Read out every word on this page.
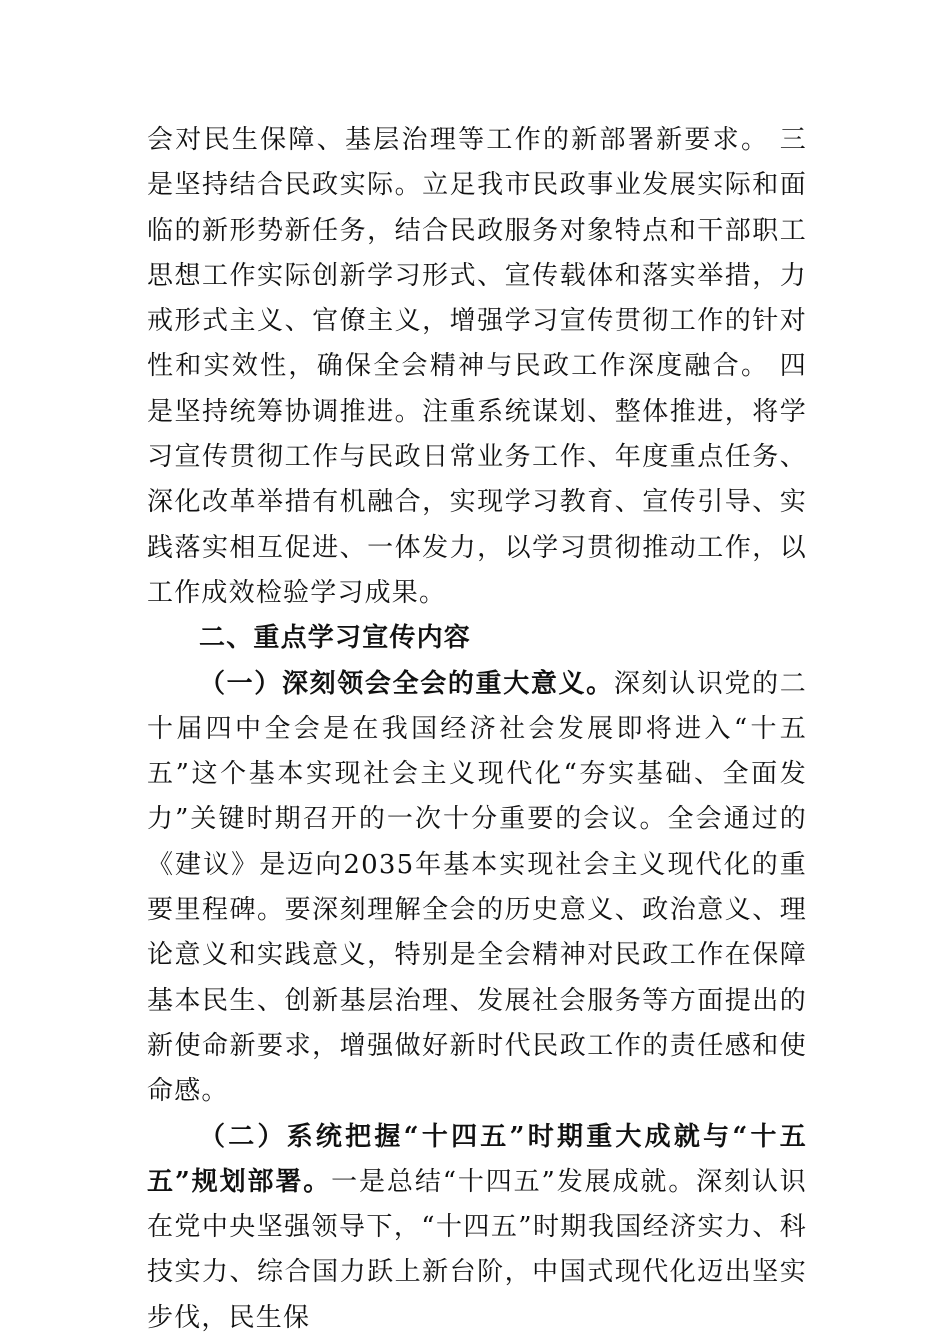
会对民生保障、基层治理等工作的新部署新要求。 三是坚持结合民政实际。立足我市民政事业发展实际和面临的新形势新任务，结合民政服务对象特点和干部职工思想工作实际创新学习形式、宣传载体和落实举措，力戒形式主义、官僚主义，增强学习宣传贯彻工作的针对性和实效性，确保全会精神与民政工作深度融合。 四是坚持统筹协调推进。注重系统谋划、整体推进，将学习宣传贯彻工作与民政日常业务工作、年度重点任务、深化改革举措有机融合，实现学习教育、宣传引导、实践落实相互促进、一体发力，以学习贯彻推动工作，以工作成效检验学习成果。

二、重点学习宣传内容

（一）深刻领会全会的重大意义。深刻认识党的二十届四中全会是在我国经济社会发展即将进入“十五五”这个基本实现社会主义现代化“夯实基础、全面发力”关键时期召开的一次十分重要的会议。全会通过的《建议》是迈向2035年基本实现社会主义现代化的重要里程碑。要深刻理解全会的历史意义、政治意义、理论意义和实践意义，特别是全会精神对民政工作在保障基本民生、创新基层治理、发展社会服务等方面提出的新使命新要求，增强做好新时代民政工作的责任感和使命感。

（二）系统把握“十四五”时期重大成就与“十五五”规划部署。一是总结“十四五”发展成就。深刻认识在党中央坚强领导下，“十四五”时期我国经济实力、科技实力、综合国力跃上新台阶，中国式现代化迈出坚实步伐，民生保
